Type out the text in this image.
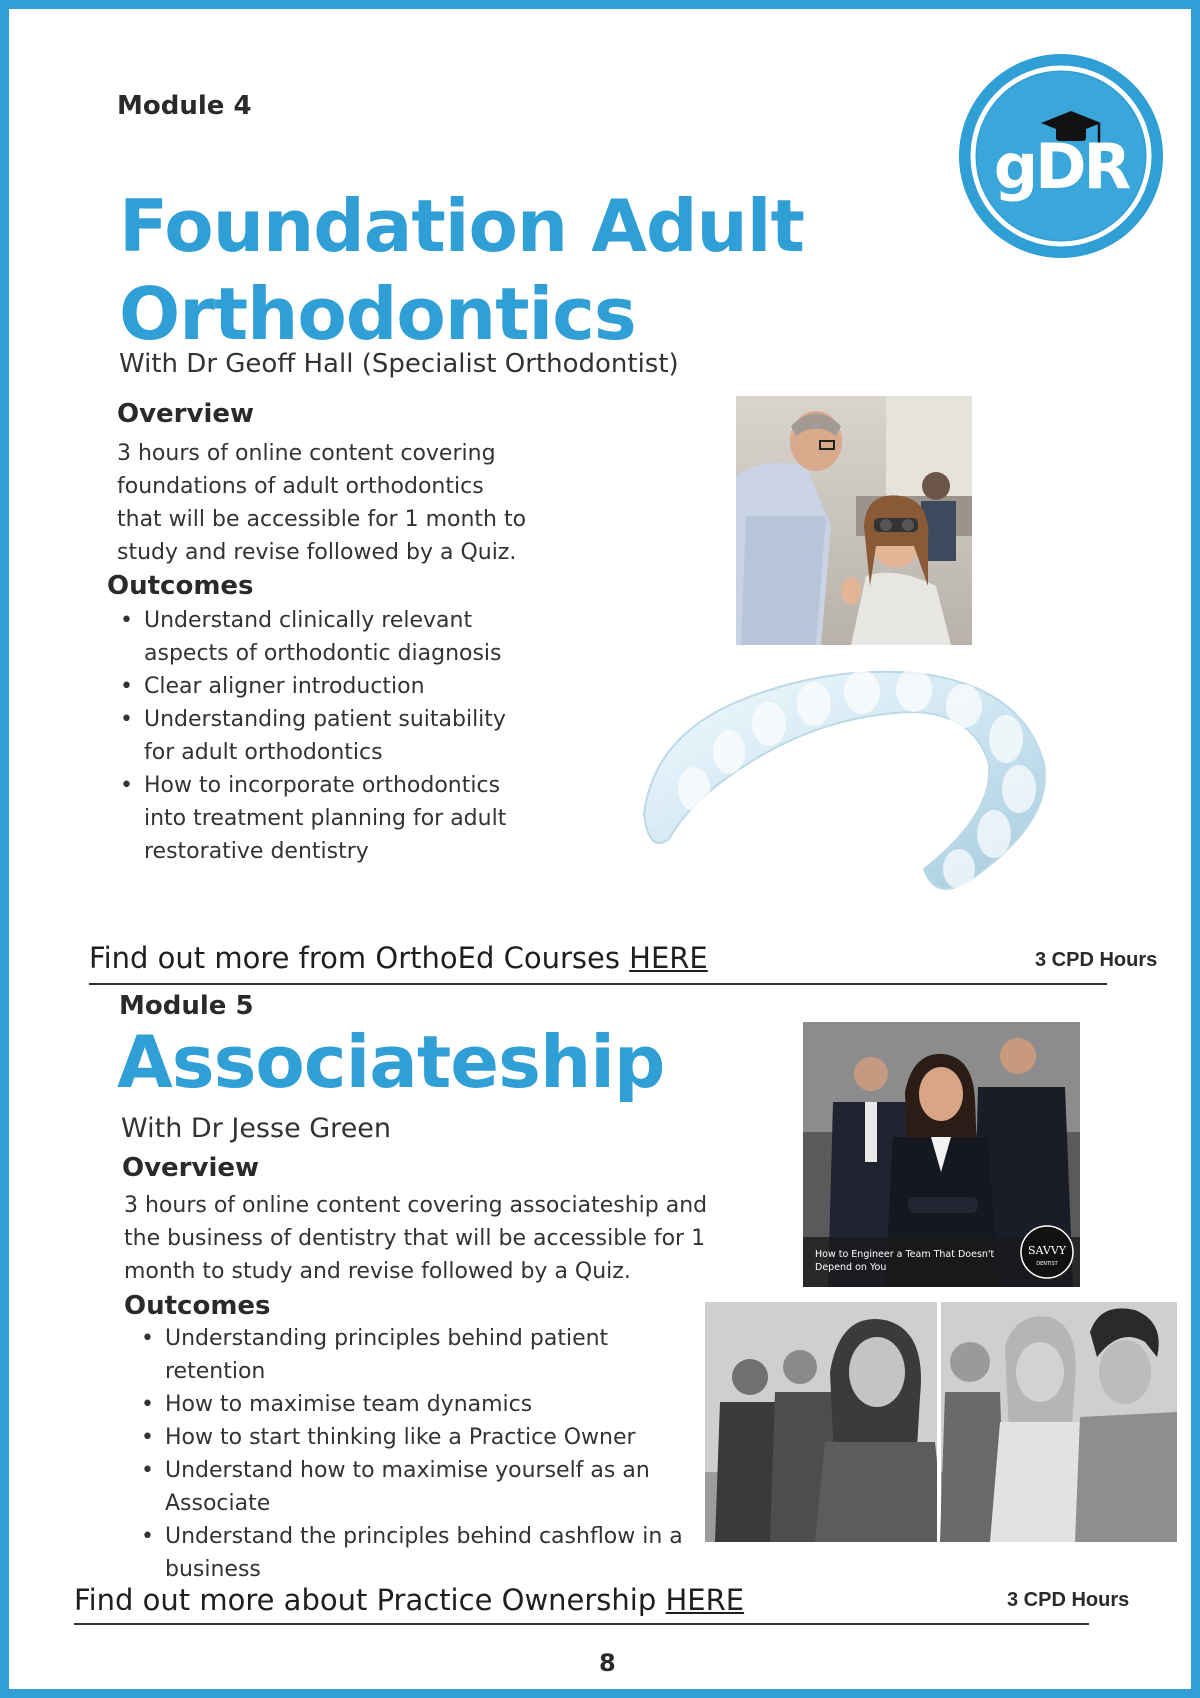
gDR
Module 4
Foundation Adult
Orthodontics
With Dr Geoff Hall (Specialist Orthodontist)
Overview
3 hours of online content covering
foundations of adult orthodontics
that will be accessible for 1 month to
study and revise followed by a Quiz.
Outcomes
• Understand clinically relevant
aspects of orthodontic diagnosis
• Clear aligner introduction
• Understanding patient suitability
for adult orthodontics
• How to incorporate orthodontics
into treatment planning for adult
restorative dentistry
Find out more from OrthoEd Courses HERE	3 CPD Hours
Module 5
Associateship
With Dr Jesse Green
Overview
3 hours of online content covering associateship and
the business of dentistry that will be accessible for 1
month to study and revise followed by a Quiz.
Outcomes
• Understanding principles behind patient retention
• How to maximise team dynamics
• How to start thinking like a Practice Owner
• Understand how to maximise yourself as an
Associate
• Understand the principles behind cashflow in a
business
How to Engineer a Team That Doesn't
Depend on You
SAVVY
DENTIST
Find out more about Practice Ownership HERE	3 CPD Hours
8
